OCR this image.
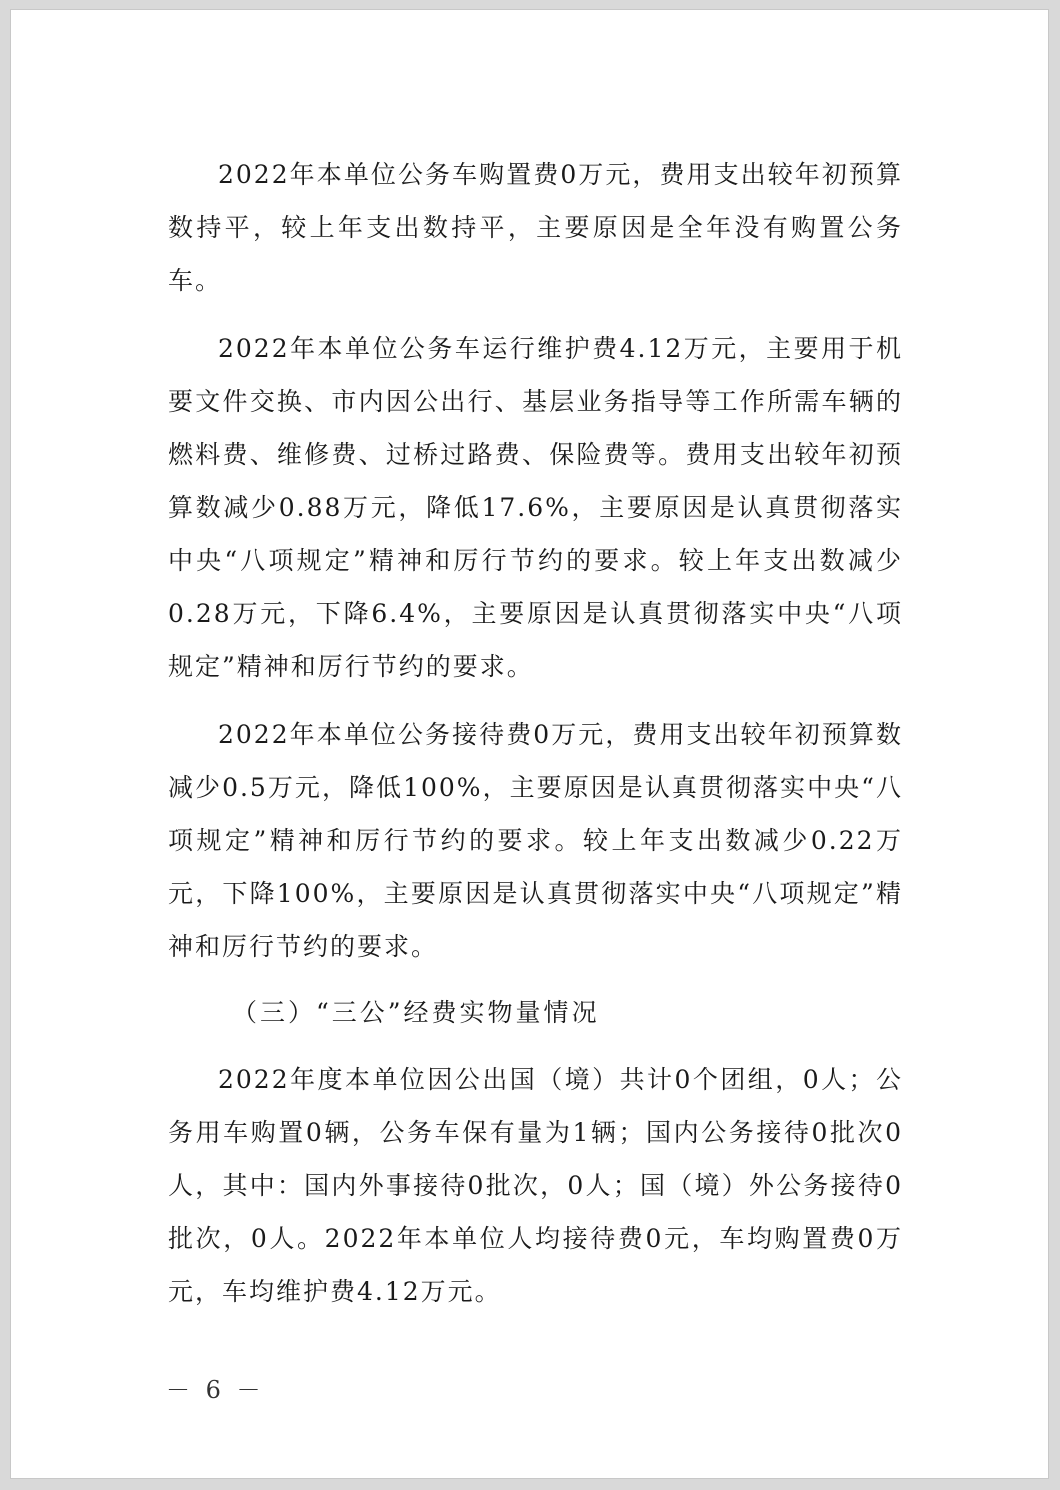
2022年本单位公务车购置费0万元，费用支出较年初预算数持平，较上年支出数持平，主要原因是全年没有购置公务车。

2022年本单位公务车运行维护费4.12万元，主要用于机要文件交换、市内因公出行、基层业务指导等工作所需车辆的燃料费、维修费、过桥过路费、保险费等。费用支出较年初预算数减少0.88万元，降低17.6%，主要原因是认真贯彻落实中央“八项规定”精神和厉行节约的要求。较上年支出数减少0.28万元，下降6.4%，主要原因是认真贯彻落实中央“八项规定”精神和厉行节约的要求。

2022年本单位公务接待费0万元，费用支出较年初预算数减少0.5万元，降低100%，主要原因是认真贯彻落实中央“八项规定”精神和厉行节约的要求。较上年支出数减少0.22万元，下降100%，主要原因是认真贯彻落实中央“八项规定”精神和厉行节约的要求。

（三）“三公”经费实物量情况

2022年度本单位因公出国（境）共计0个团组，0人；公务用车购置0辆，公务车保有量为1辆；国内公务接待0批次0人，其中：国内外事接待0批次，0人；国（境）外公务接待0批次，0人。2022年本单位人均接待费0元，车均购置费0万元，车均维护费4.12万元。

－ 6 －
